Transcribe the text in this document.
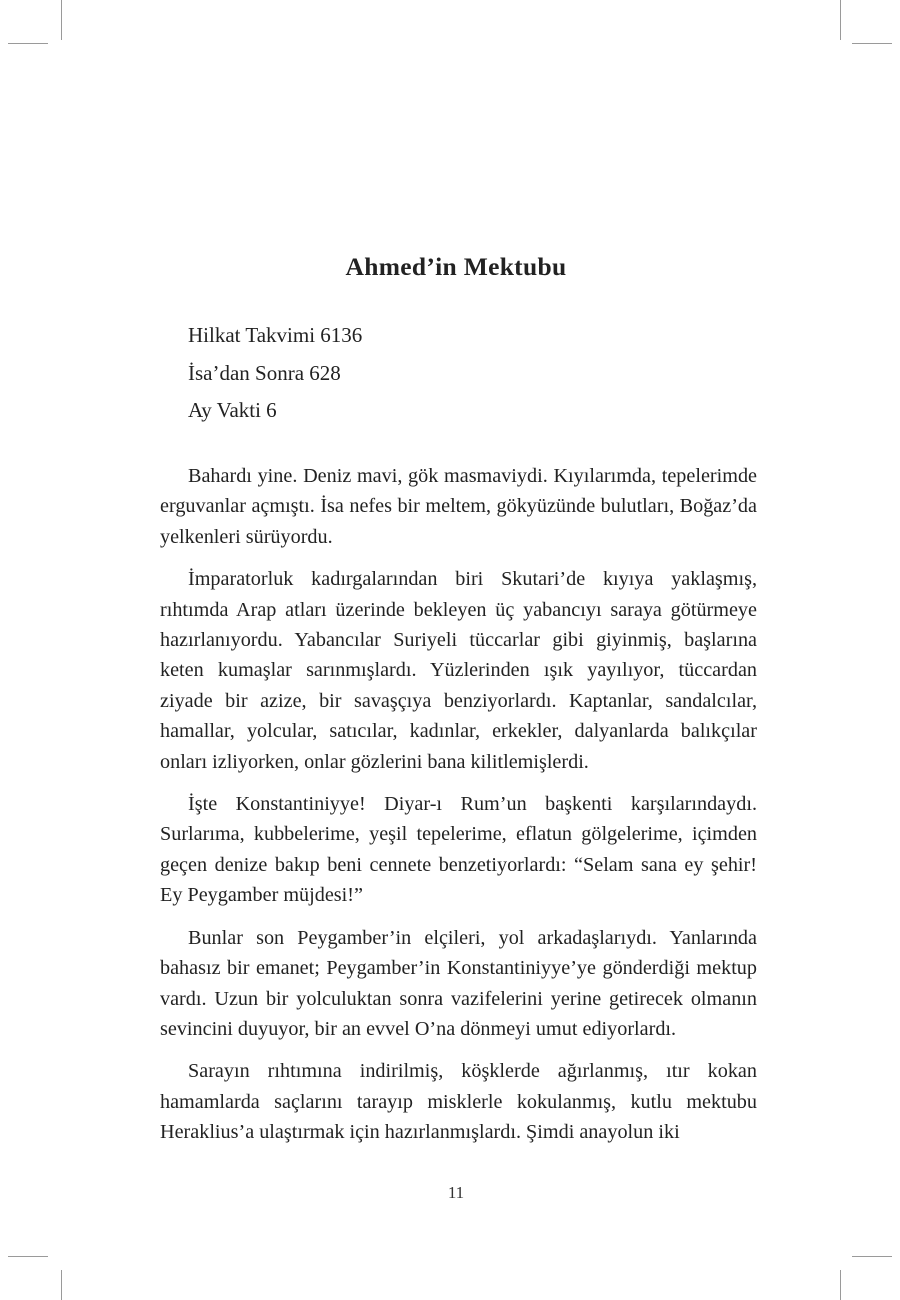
Ahmed’in Mektubu
Hilkat Takvimi 6136
İsa’dan Sonra 628
Ay Vakti 6

Bahardı yine. Deniz mavi, gök masmaviydi. Kıyılarımda, tepelerimde erguvanlar açmıştı. İsa nefes bir meltem, gökyüzünde bulutları, Boğaz’da yelkenleri sürüyordu.

İmparatorluk kadırgalarından biri Skutari’de kıyıya yaklaşmış, rıhtımda Arap atları üzerinde bekleyen üç yabancıyı saraya götürmeye hazırlanıyordu. Yabancılar Suriyeli tüccarlar gibi giyinmiş, başlarına keten kumaşlar sarınmışlardı. Yüzlerinden ışık yayılıyor, tüccardan ziyade bir azize, bir savaşçıya benziyorlardı. Kaptanlar, sandalcılar, hamallar, yolcular, satıcılar, kadınlar, erkekler, dalyanlarda balıkçılar onları izliyorken, onlar gözlerini bana kilitlemişlerdi.

İşte Konstantiniyye! Diyar-ı Rum’un başkenti karşılarındaydı. Surlarıma, kubbelerime, yeşil tepelerime, eflatun gölgelerime, içimden geçen denize bakıp beni cennete benzetiyorlardı: “Selam sana ey şehir! Ey Peygamber müjdesi!”

Bunlar son Peygamber’in elçileri, yol arkadaşlarıydı. Yanlarında bahasız bir emanet; Peygamber’in Konstantiniyye’ye gönderdiği mektup vardı. Uzun bir yolculuktan sonra vazifelerini yerine getirecek olmanın sevincini duyuyor, bir an evvel O’na dönmeyi umut ediyorlardı.

Sarayın rıhtımına indirilmiş, köşklerde ağırlanmış, ıtır kokan hamamlarda saçlarını tarayıp misklerle kokulanmış, kutlu mektubu Heraklius’a ulaştırmak için hazırlanmışlardı. Şimdi anayolun iki

11
